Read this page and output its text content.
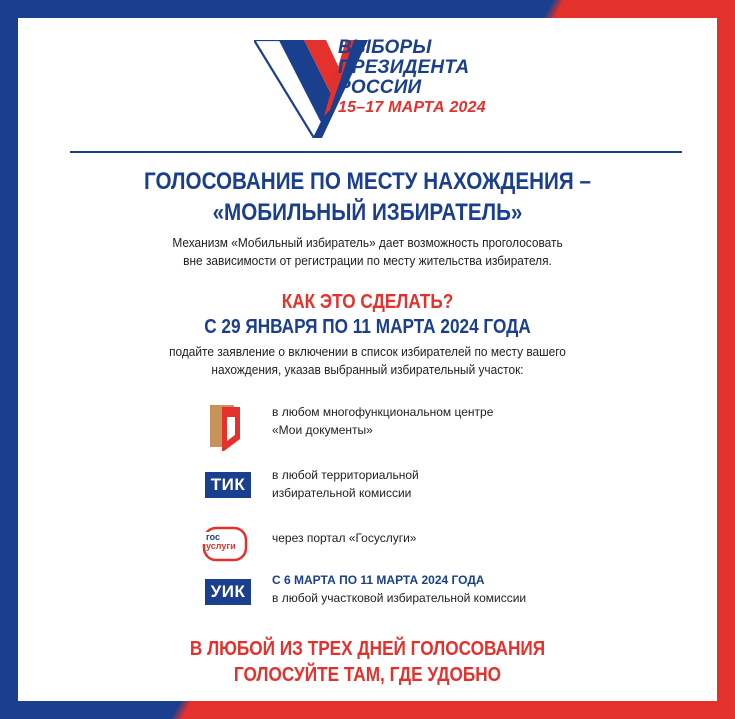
ВЫБОРЫ
ПРЕЗИДЕНТА
РОССИИ
15–17 МАРТА 2024
ГОЛОСОВАНИЕ ПО МЕСТУ НАХОЖДЕНИЯ –
«МОБИЛЬНЫЙ ИЗБИРАТЕЛЬ»
Механизм «Мобильный избиратель» дает возможность проголосовать
вне зависимости от регистрации по месту жительства избирателя.
КАК ЭТО СДЕЛАТЬ?
С 29 ЯНВАРЯ ПО 11 МАРТА 2024 ГОДА
подайте заявление о включении в список избирателей по месту вашего
нахождения, указав выбранный избирательный участок:
в любом многофункциональном центре
«Мои документы»
ТИК	в любой территориальной
избирательной комиссии
гос
услуги
через портал «Госуслуги»
УИК
С 6 МАРТА ПО 11 МАРТА 2024 ГОДА
в любой участковой избирательной комиссии
В ЛЮБОЙ ИЗ ТРЕХ ДНЕЙ ГОЛОСОВАНИЯ
ГОЛОСУЙТЕ ТАМ, ГДЕ УДОБНО
